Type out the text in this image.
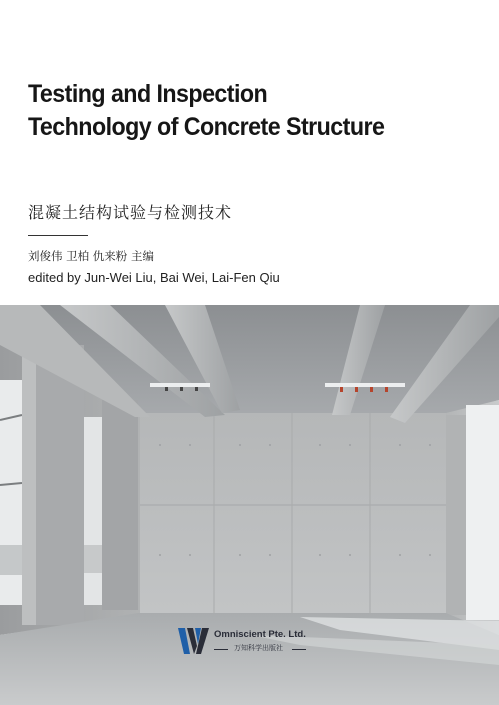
Testing and Inspection
Technology of Concrete Structure
混凝土结构试验与检测技术
刘俊伟 卫柏 仇来粉 主编
edited by Jun-Wei Liu, Bai Wei, Lai-Fen Qiu
Omniscient Pte. Ltd.
万知科学出版社
